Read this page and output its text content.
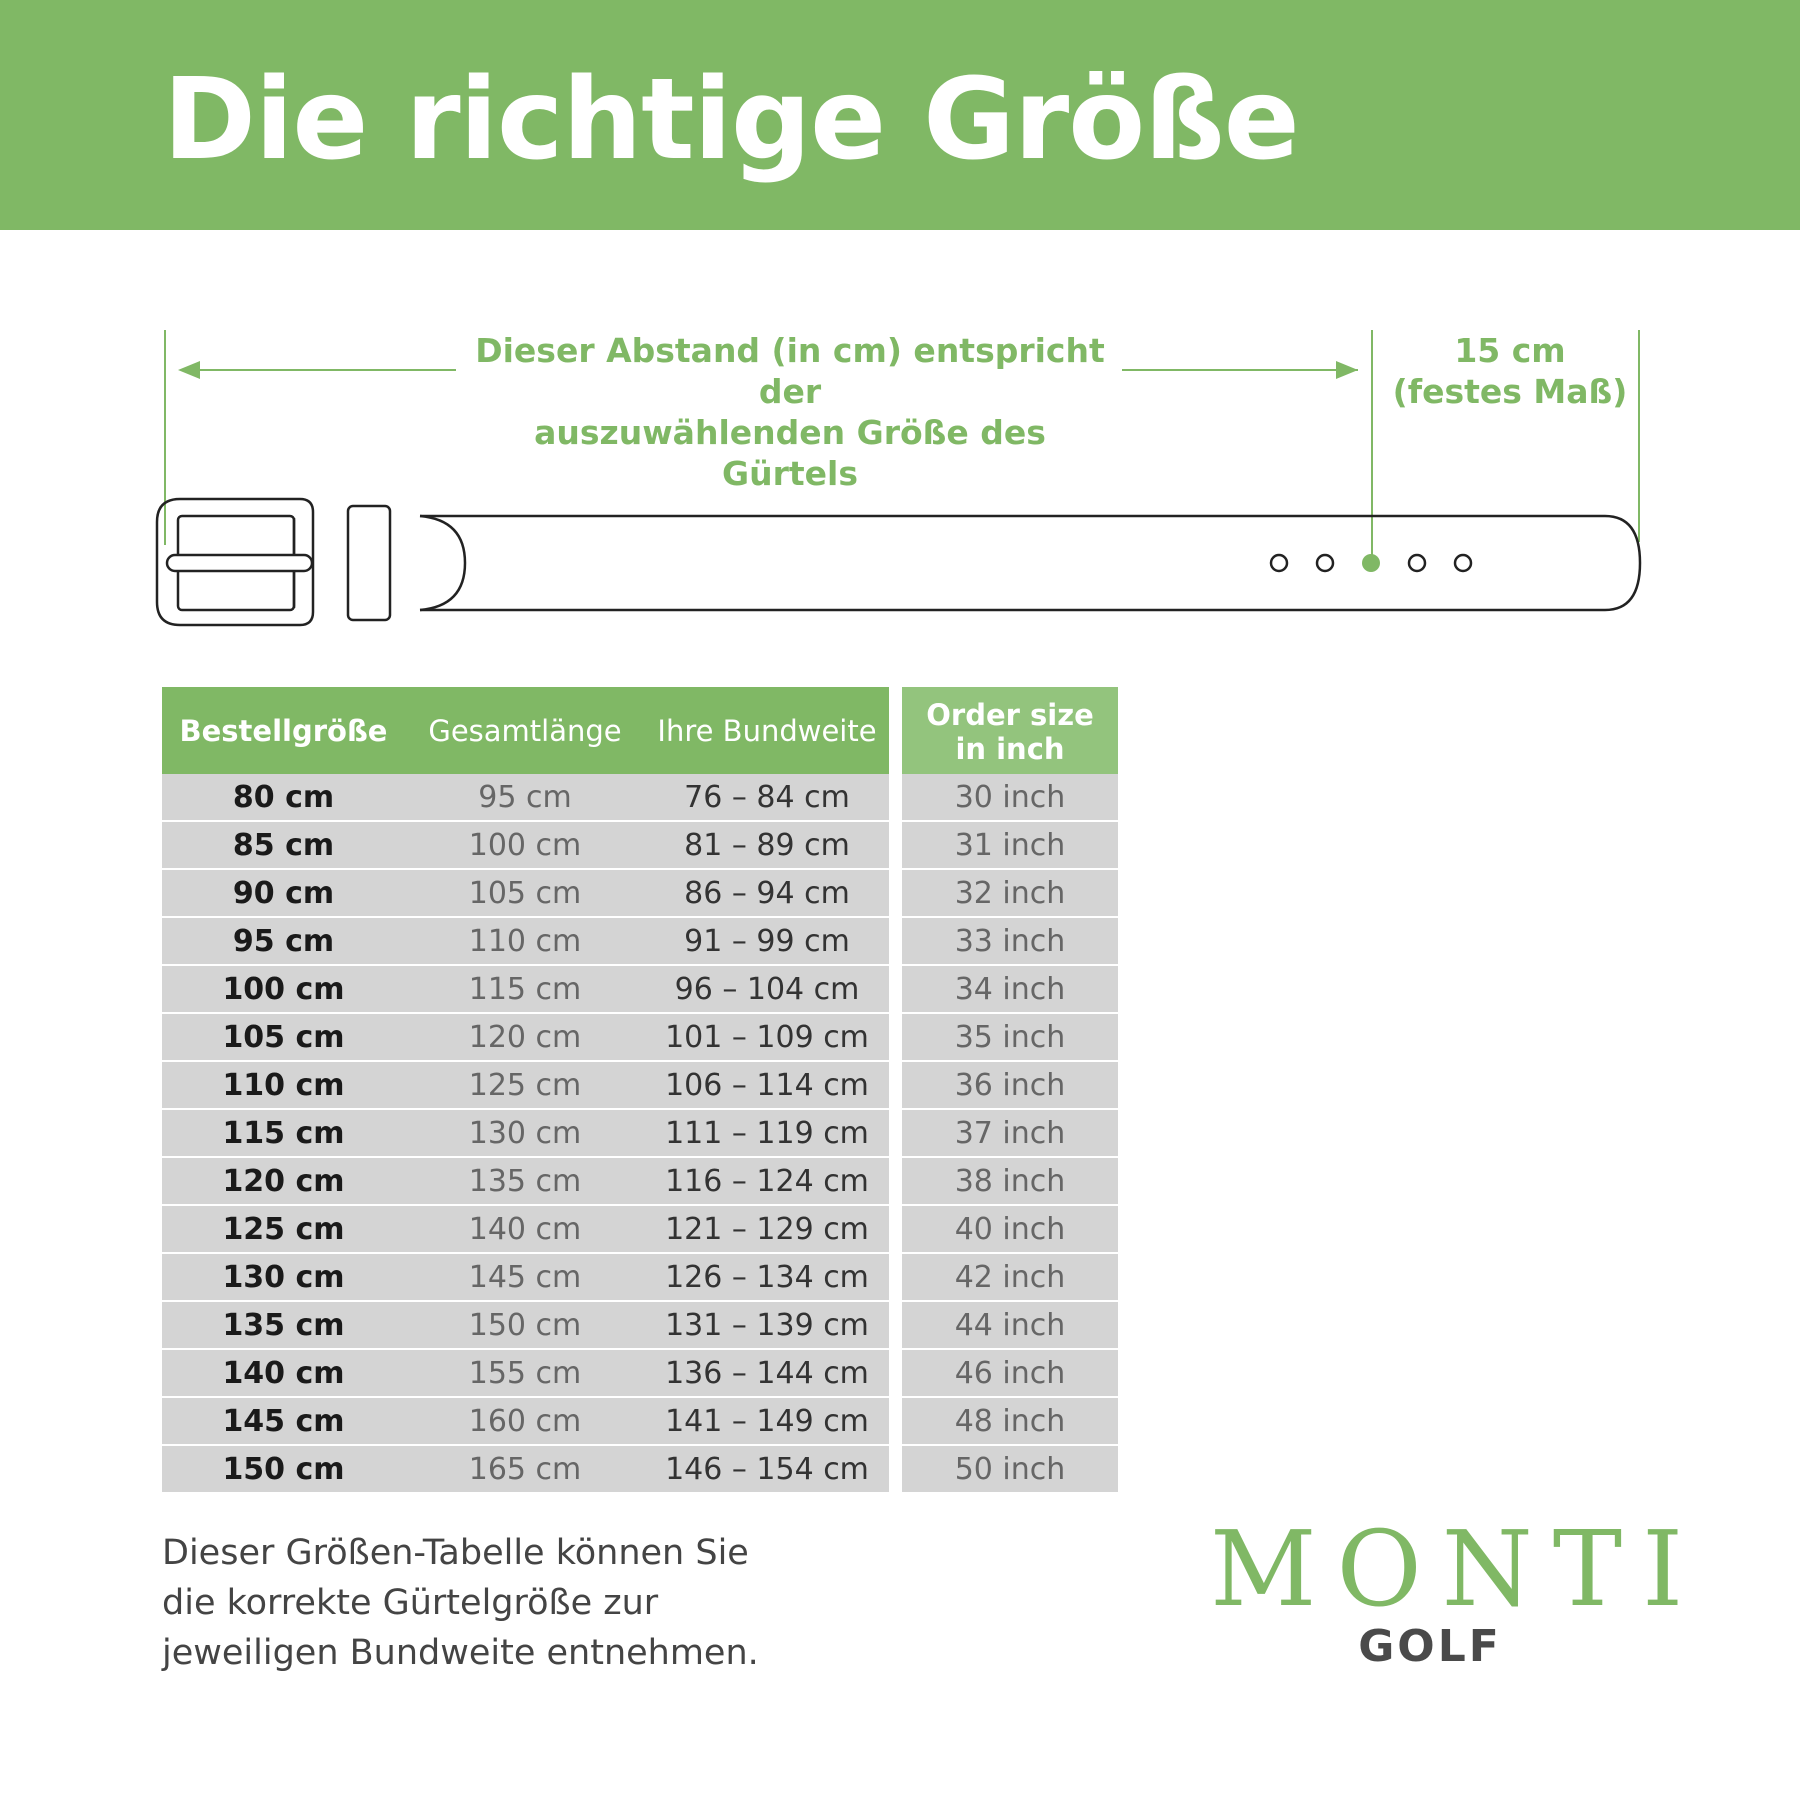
Die richtige Größe
Dieser Abstand (in cm) entspricht der
auszuwählenden Größe des Gürtels
15 cm
(festes Maß)
Bestellgröße	Gesamtlänge	Ihre Bundweite		Order size
in inch

80 cm	95 cm	76 – 84 cm		30 inch
85 cm	100 cm	81 – 89 cm		31 inch
90 cm	105 cm	86 – 94 cm		32 inch
95 cm	110 cm	91 – 99 cm		33 inch
100 cm	115 cm	96 – 104 cm		34 inch
105 cm	120 cm	101 – 109 cm		35 inch
110 cm	125 cm	106 – 114 cm		36 inch
115 cm	130 cm	111 – 119 cm		37 inch
120 cm	135 cm	116 – 124 cm		38 inch
125 cm	140 cm	121 – 129 cm		40 inch
130 cm	145 cm	126 – 134 cm		42 inch
135 cm	150 cm	131 – 139 cm		44 inch
140 cm	155 cm	136 – 144 cm		46 inch
145 cm	160 cm	141 – 149 cm		48 inch
150 cm	165 cm	146 – 154 cm		50 inch
Dieser Größen-Tabelle können Sie
die korrekte Gürtelgröße zur
jeweiligen Bundweite entnehmen.
MONTI
GOLF
